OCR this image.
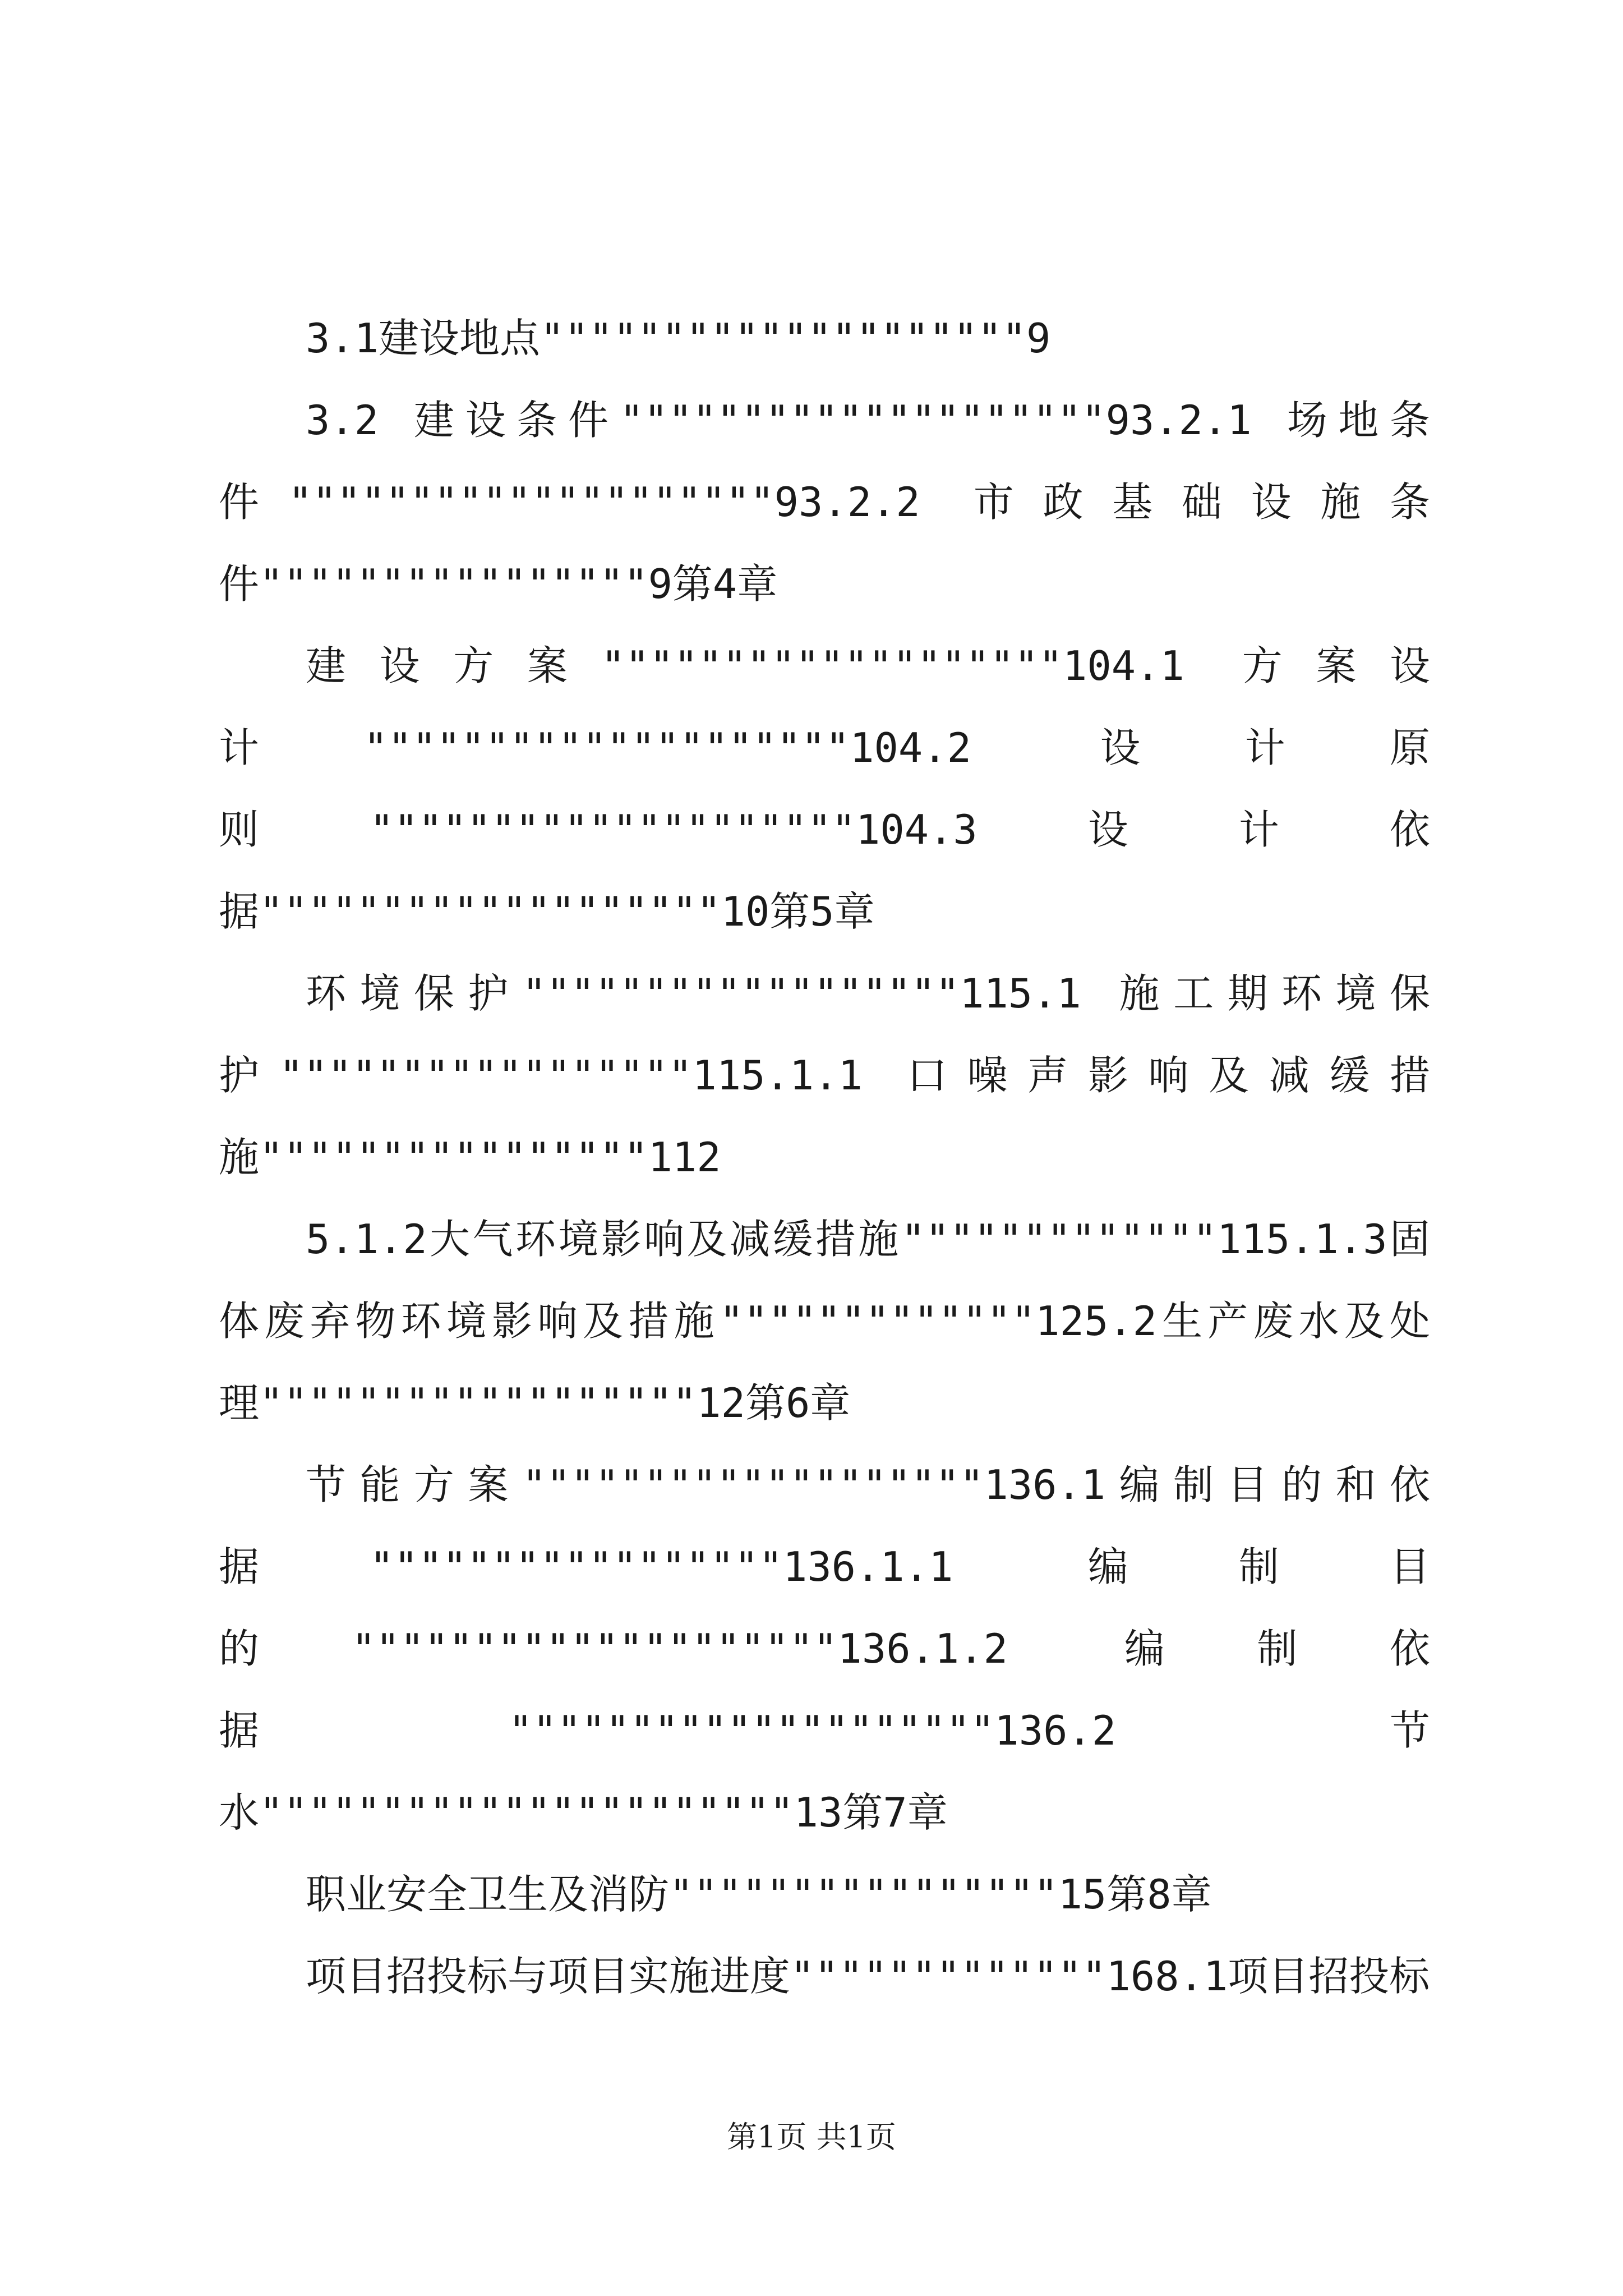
3.1建设地点""""""""""""""""""""9

3.2 建设条件""""""""""""""""""""93.2.1 场地条件""""""""""""""""""""93.2.2 市政基础设施条件""""""""""""""""9第4章

建设方案"""""""""""""""""""104.1 方案设计""""""""""""""""""""104.2 设计原则""""""""""""""""""""104.3设计依据"""""""""""""""""""10第5章

环境保护""""""""""""""""""115.1 施工期环境保护"""""""""""""""""115.1.1 口噪声影响及减缓措施""""""""""""""""112

5.1.2大气环境影响及减缓措施"""""""""""""115.1.3固体废弃物环境影响及措施"""""""""""""125.2生产废水及处理""""""""""""""""""12第6章

节能方案"""""""""""""""""""136.1编制目的和依据"""""""""""""""""136.1.1 编制目的""""""""""""""""""""136.1.2 编制依据""""""""""""""""""""136.2 节水""""""""""""""""""""""13第7章

职业安全卫生及消防""""""""""""""""15第8章

项目招投标与项目实施进度"""""""""""""168.1项目招投标

第1页 共1页
